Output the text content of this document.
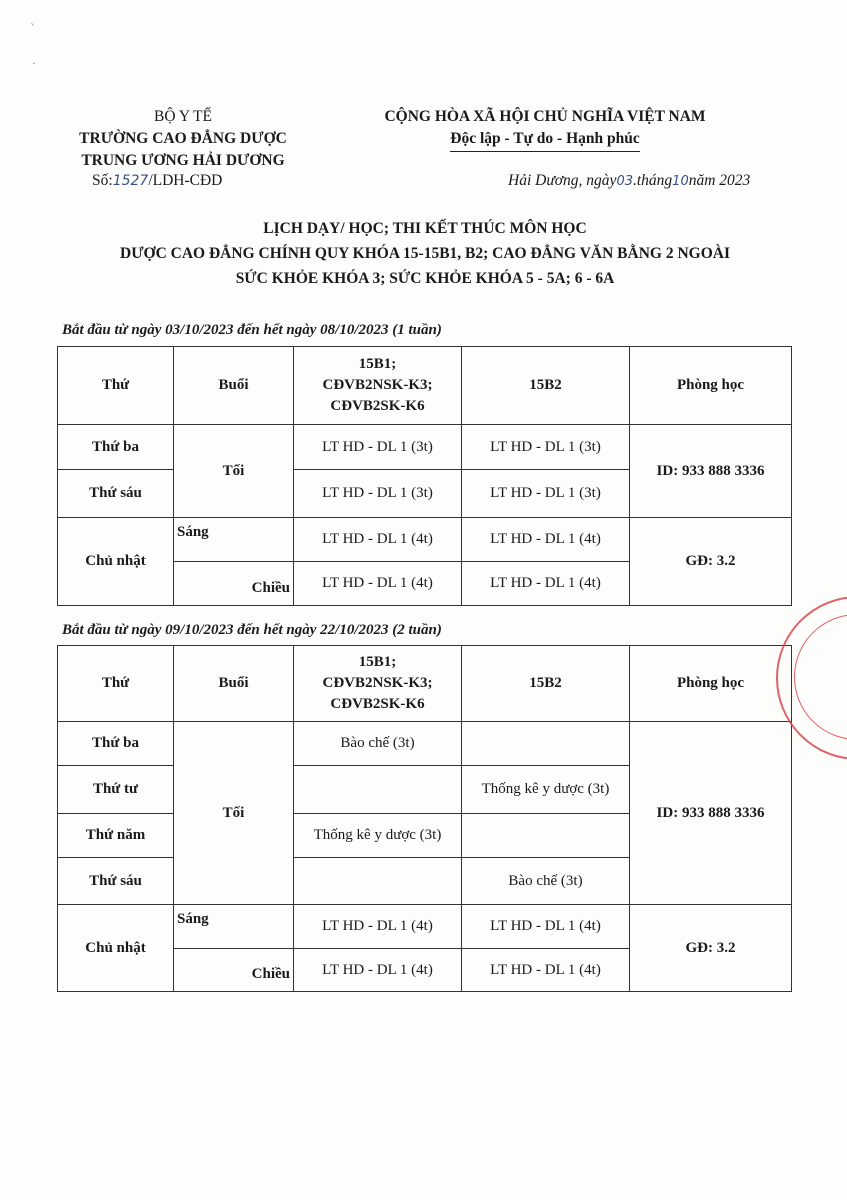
՝
·
BỘ Y TẾ
TRƯỜNG CAO ĐẲNG DƯỢC
TRUNG ƯƠNG HẢI DƯƠNG
Số:1527/LDH-CĐD
CỘNG HÒA XÃ HỘI CHỦ NGHĨA VIỆT NAM
Độc lập - Tự do - Hạnh phúc
Hải Dương, ngày03.tháng10năm 2023
LỊCH DẠY/ HỌC; THI KẾT THÚC MÔN HỌC
DƯỢC CAO ĐẲNG CHÍNH QUY KHÓA 15-15B1, B2; CAO ĐẲNG VĂN BẰNG 2 NGOÀI
SỨC KHỎE KHÓA 3; SỨC KHỎE KHÓA 5 - 5A; 6 - 6A
Bắt đầu từ ngày 03/10/2023 đến hết ngày 08/10/2023 (1 tuần)
Thứ	Buổi	15B1;
CĐVB2NSK-K3;
CĐVB2SK-K6	15B2	Phòng học
Thứ ba	Tối	LT HD - DL 1 (3t)	LT HD - DL 1 (3t)	ID: 933 888 3336
Thứ sáu		LT HD - DL 1 (3t)	LT HD - DL 1 (3t)	
Chủ nhật	Sáng	LT HD - DL 1 (4t)	LT HD - DL 1 (4t)	GĐ: 3.2
	Chiều	LT HD - DL 1 (4t)	LT HD - DL 1 (4t)	
Bắt đầu từ ngày 09/10/2023 đến hết ngày 22/10/2023 (2 tuần)
Thứ	Buổi	15B1;
CĐVB2NSK-K3;
CĐVB2SK-K6	15B2	Phòng học
Thứ ba	Tối	Bào chế (3t)		ID: 933 888 3336
Thứ tư			Thống kê y dược (3t)	
Thứ năm		Thống kê y dược (3t)		
Thứ sáu			Bào chế (3t)	
Chủ nhật	Sáng	LT HD - DL 1 (4t)	LT HD - DL 1 (4t)	GĐ: 3.2
	Chiều	LT HD - DL 1 (4t)	LT HD - DL 1 (4t)	
